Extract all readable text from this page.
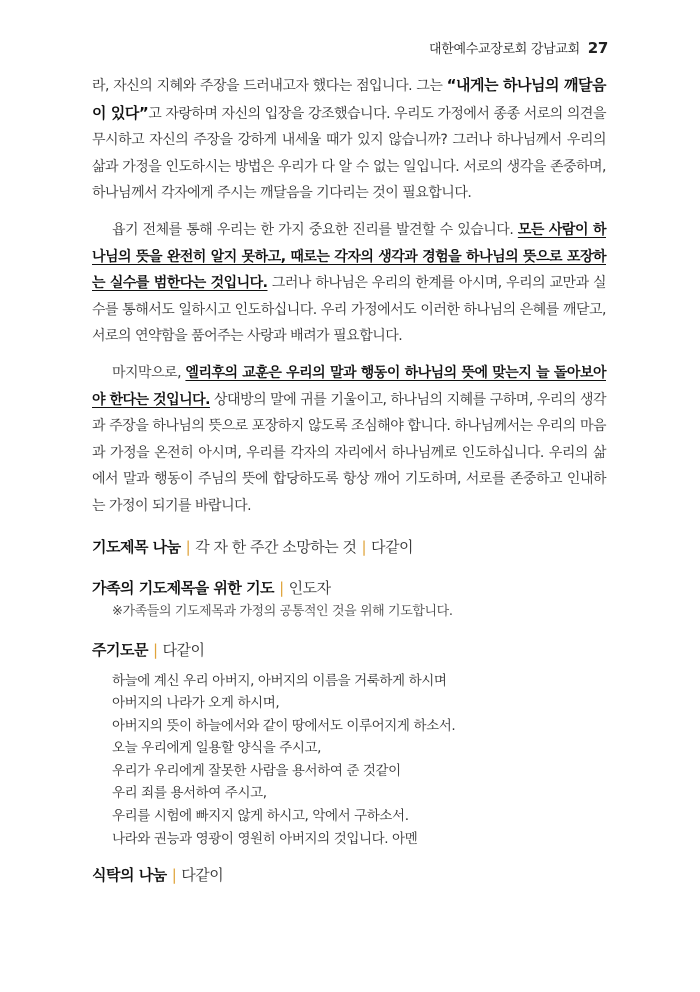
대한예수교장로회 강남교회 27

라, 자신의 지혜와 주장을 드러내고자 했다는 점입니다. 그는 “내게는 하나님의 깨달음이 있다”고 자랑하며 자신의 입장을 강조했습니다. 우리도 가정에서 종종 서로의 의견을 무시하고 자신의 주장을 강하게 내세울 때가 있지 않습니까? 그러나 하나님께서 우리의 삶과 가정을 인도하시는 방법은 우리가 다 알 수 없는 일입니다. 서로의 생각을 존중하며, 하나님께서 각자에게 주시는 깨달음을 기다리는 것이 필요합니다.

욥기 전체를 통해 우리는 한 가지 중요한 진리를 발견할 수 있습니다. 모든 사람이 하나님의 뜻을 완전히 알지 못하고, 때로는 각자의 생각과 경험을 하나님의 뜻으로 포장하는 실수를 범한다는 것입니다. 그러나 하나님은 우리의 한계를 아시며, 우리의 교만과 실수를 통해서도 일하시고 인도하십니다. 우리 가정에서도 이러한 하나님의 은혜를 깨닫고, 서로의 연약함을 품어주는 사랑과 배려가 필요합니다.

마지막으로, 엘리후의 교훈은 우리의 말과 행동이 하나님의 뜻에 맞는지 늘 돌아보아야 한다는 것입니다. 상대방의 말에 귀를 기울이고, 하나님의 지혜를 구하며, 우리의 생각과 주장을 하나님의 뜻으로 포장하지 않도록 조심해야 합니다. 하나님께서는 우리의 마음과 가정을 온전히 아시며, 우리를 각자의 자리에서 하나님께로 인도하십니다. 우리의 삶에서 말과 행동이 주님의 뜻에 합당하도록 항상 깨어 기도하며, 서로를 존중하고 인내하는 가정이 되기를 바랍니다.

기도제목 나눔 | 각 자 한 주간 소망하는 것 | 다같이

가족의 기도제목을 위한 기도 | 인도자

※가족들의 기도제목과 가정의 공통적인 것을 위해 기도합니다.

주기도문 | 다같이

하늘에 계신 우리 아버지, 아버지의 이름을 거룩하게 하시며
아버지의 나라가 오게 하시며,
아버지의 뜻이 하늘에서와 같이 땅에서도 이루어지게 하소서.
오늘 우리에게 일용할 양식을 주시고,
우리가 우리에게 잘못한 사람을 용서하여 준 것같이
우리 죄를 용서하여 주시고,
우리를 시험에 빠지지 않게 하시고, 악에서 구하소서.
나라와 권능과 영광이 영원히 아버지의 것입니다. 아멘

식탁의 나눔 | 다같이
